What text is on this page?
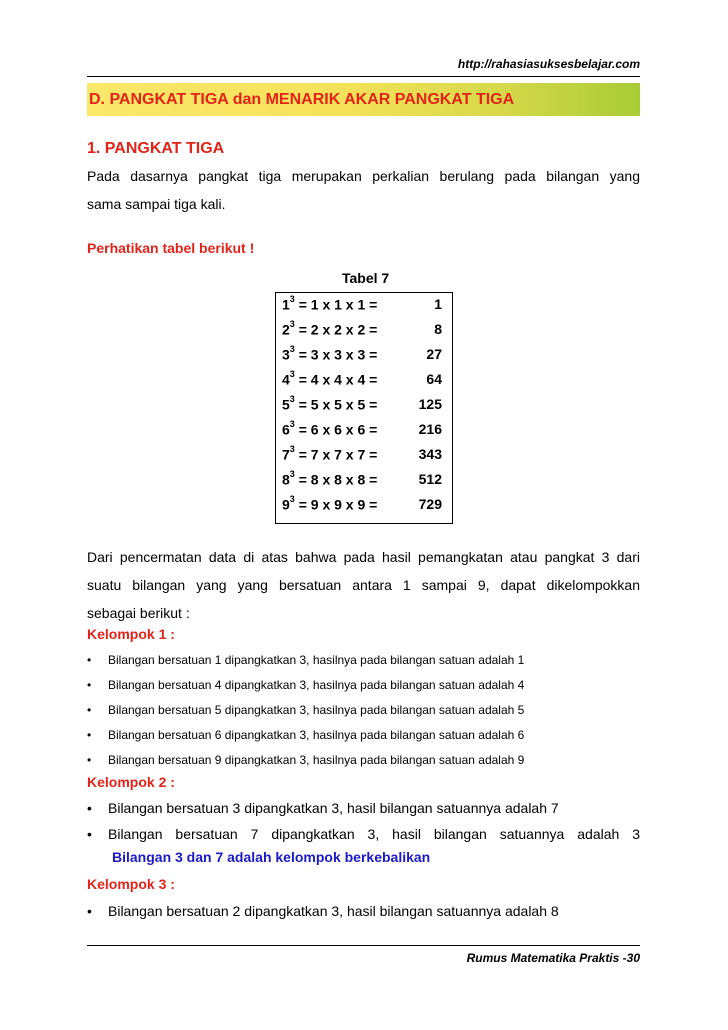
http://rahasiasuksesbelajar.com
D. PANGKAT TIGA dan MENARIK AKAR PANGKAT TIGA
1. PANGKAT TIGA
Pada dasarnya pangkat tiga merupakan perkalian berulang pada bilangan yang
sama sampai tiga kali.
Perhatikan tabel berikut !
Tabel 7
$1^3 = 1$ x 1 x 1 =	1
$2^3 = 2$ x 2 x 2 =	8
$3^3 = 3$ x 3 x 3 =	27
$4^3 = 4$ x 4 x 4 =	64
$5^3 = 5$ x 5 x 5 =	125
$6^3 = 6$ x 6 x 6 =	216
$7^3 = 7$ x 7 x 7 =	343
$8^3 = 8$ x 8 x 8 =	512
$9^3 = 9$ x 9 x 9 =	729
Dari pencermatan data di atas bahwa pada hasil pemangkatan atau pangkat 3 dari
suatu bilangan yang yang bersatuan antara 1 sampai 9, dapat dikelompokkan
sebagai berikut :
Kelompok 1 :
• Bilangan bersatuan 1 dipangkatkan 3, hasilnya pada bilangan satuan adalah 1
• Bilangan bersatuan 4 dipangkatkan 3, hasilnya pada bilangan satuan adalah 4
• Bilangan bersatuan 5 dipangkatkan 3, hasilnya pada bilangan satuan adalah 5
• Bilangan bersatuan 6 dipangkatkan 3, hasilnya pada bilangan satuan adalah 6
• Bilangan bersatuan 9 dipangkatkan 3, hasilnya pada bilangan satuan adalah 9
Kelompok 2 :
• Bilangan bersatuan 3 dipangkatkan 3, hasil bilangan satuannya adalah 7
• Bilangan bersatuan 7 dipangkatkan 3, hasil bilangan satuannya adalah 3
Bilangan 3 dan 7 adalah kelompok berkebalikan
Kelompok 3 :
• Bilangan bersatuan 2 dipangkatkan 3, hasil bilangan satuannya adalah 8
Rumus Matematika Praktis -30
